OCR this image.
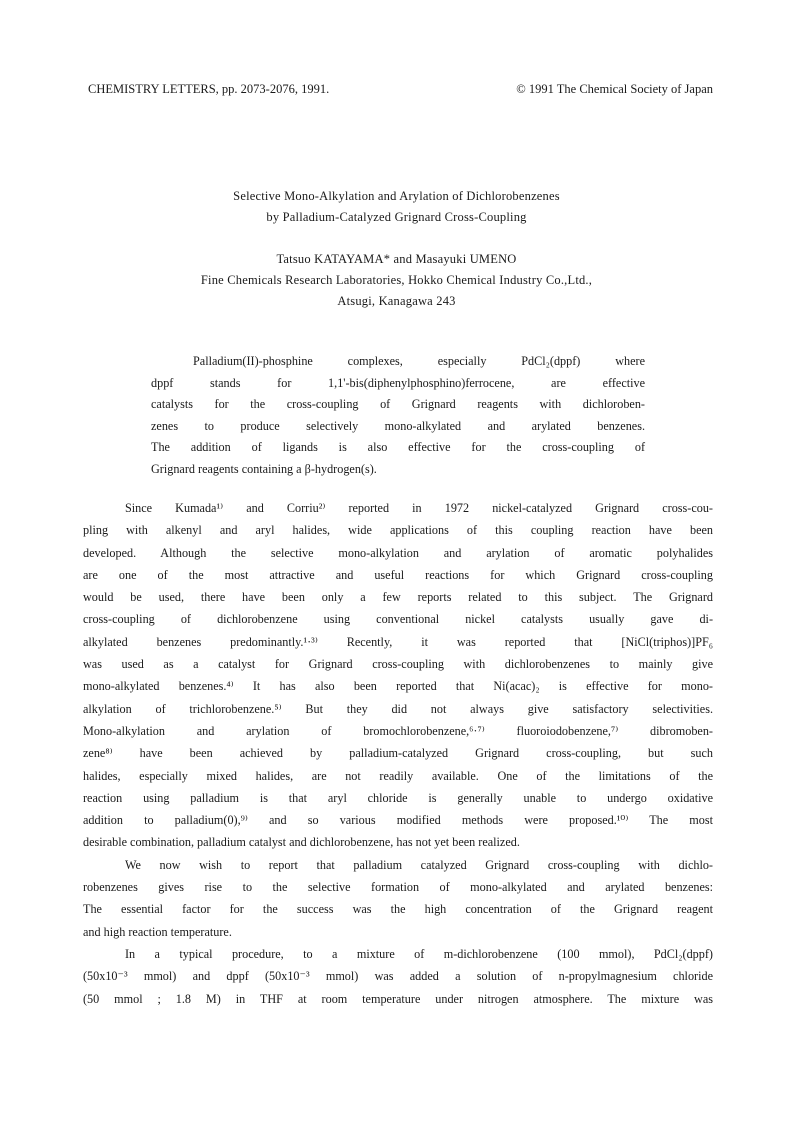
CHEMISTRY LETTERS, pp. 2073-2076, 1991.	© 1991 The Chemical Society of Japan
Selective Mono-Alkylation and Arylation of Dichlorobenzenes
by Palladium-Catalyzed Grignard Cross-Coupling
Tatsuo KATAYAMA* and Masayuki UMENO
Fine Chemicals Research Laboratories, Hokko Chemical Industry Co.,Ltd.,
Atsugi, Kanagawa 243
Palladium(II)-phosphine complexes, especially PdCl₂(dppf) where
dppf stands for 1,1'-bis(diphenylphosphino)ferrocene, are effective
catalysts for the cross-coupling of Grignard reagents with dichloroben-
zenes to produce selectively mono-alkylated and arylated benzenes.
The addition of ligands is also effective for the cross-coupling of
Grignard reagents containing a β-hydrogen(s).
Since Kumada¹⁾ and Corriu²⁾ reported in 1972 nickel-catalyzed Grignard cross-cou-
pling with alkenyl and aryl halides, wide applications of this coupling reaction have been
developed. Although the selective mono-alkylation and arylation of aromatic polyhalides
are one of the most attractive and useful reactions for which Grignard cross-coupling
would be used, there have been only a few reports related to this subject. The Grignard
cross-coupling of dichlorobenzene using conventional nickel catalysts usually gave di-
alkylated benzenes predominantly.¹·³⁾ Recently, it was reported that [NiCl(triphos)]PF₆
was used as a catalyst for Grignard cross-coupling with dichlorobenzenes to mainly give
mono-alkylated benzenes.⁴⁾ It has also been reported that Ni(acac)₂ is effective for mono-
alkylation of trichlorobenzene.⁵⁾ But they did not always give satisfactory selectivities.
Mono-alkylation and arylation of bromochlorobenzene,⁶·⁷⁾ fluoroiodobenzene,⁷⁾ dibromoben-
zene⁸⁾ have been achieved by palladium-catalyzed Grignard cross-coupling, but such
halides, especially mixed halides, are not readily available. One of the limitations of the
reaction using palladium is that aryl chloride is generally unable to undergo oxidative
addition to palladium(0),⁹⁾ and so various modified methods were proposed.¹⁰⁾ The most
desirable combination, palladium catalyst and dichlorobenzene, has not yet been realized.
We now wish to report that palladium catalyzed Grignard cross-coupling with dichlo-
robenzenes gives rise to the selective formation of mono-alkylated and arylated benzenes:
The essential factor for the success was the high concentration of the Grignard reagent
and high reaction temperature.
In a typical procedure, to a mixture of m-dichlorobenzene (100 mmol), PdCl₂(dppf)
(50x10⁻³ mmol) and dppf (50x10⁻³ mmol) was added a solution of n-propylmagnesium chloride
(50 mmol ; 1.8 M) in THF at room temperature under nitrogen atmosphere. The mixture was
